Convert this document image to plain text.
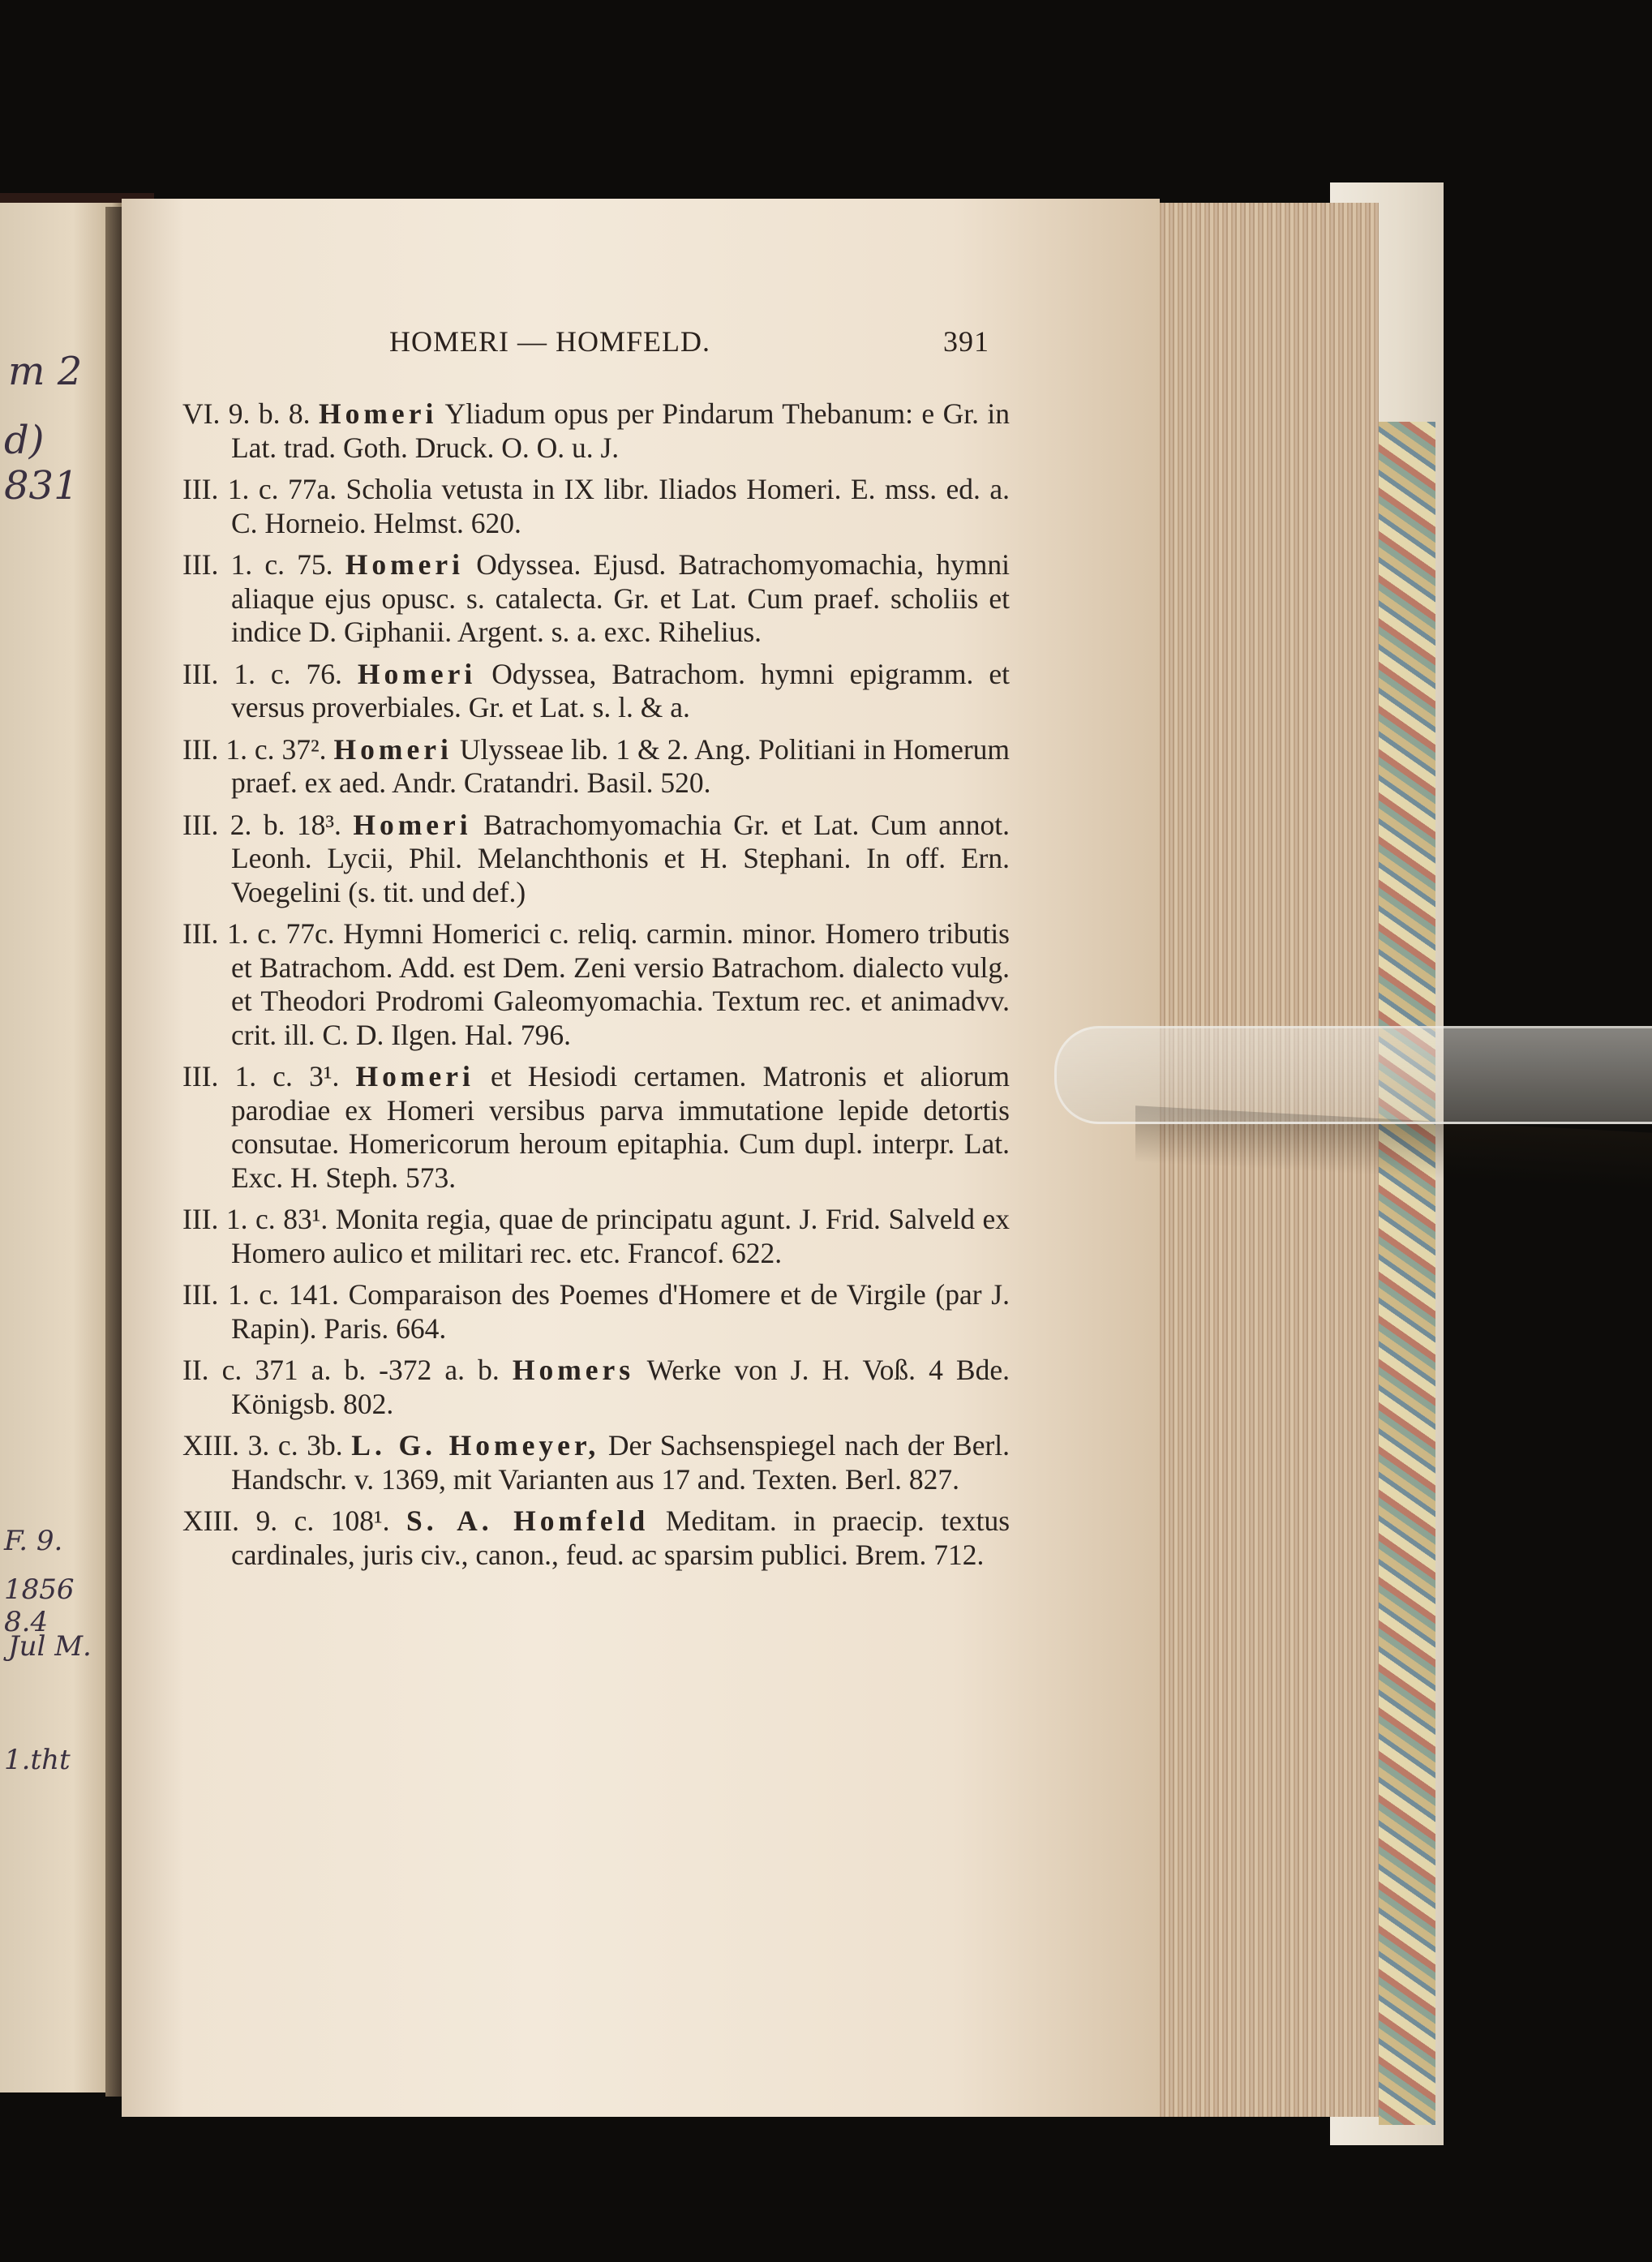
m 2
d) 831
F. 9.
1856 8.4
Jul M.
1.tht
HOMERI — HOMFELD.	391
VI. 9. b. 8. Homeri Yliadum opus per Pindarum Thebanum: e Gr. in Lat. trad. Goth. Druck. O. O. u. J.
III. 1. c. 77a. Scholia vetusta in IX libr. Iliados Homeri. E. mss. ed. a. C. Horneio. Helmst. 620.
III. 1. c. 75. Homeri Odyssea. Ejusd. Batrachomyomachia, hymni aliaque ejus opusc. s. catalecta. Gr. et Lat. Cum praef. scholiis et indice D. Giphanii. Argent. s. a. exc. Rihelius.
III. 1. c. 76. Homeri Odyssea, Batrachom. hymni epigramm. et versus proverbiales. Gr. et Lat. s. l. & a.
III. 1. c. 37². Homeri Ulysseae lib. 1 & 2. Ang. Politiani in Homerum praef. ex aed. Andr. Cratandri. Basil. 520.
III. 2. b. 18³. Homeri Batrachomyomachia Gr. et Lat. Cum annot. Leonh. Lycii, Phil. Melanchthonis et H. Stephani. In off. Ern. Voegelini (s. tit. und def.)
III. 1. c. 77c. Hymni Homerici c. reliq. carmin. minor. Homero tributis et Batrachom. Add. est Dem. Zeni versio Batrachom. dialecto vulg. et Theodori Prodromi Galeomyomachia. Textum rec. et animadvv. crit. ill. C. D. Ilgen. Hal. 796.
III. 1. c. 3¹. Homeri et Hesiodi certamen. Matronis et aliorum parodiae ex Homeri versibus parva immutatione lepide detortis consutae. Homericorum heroum epitaphia. Cum dupl. interpr. Lat. Exc. H. Steph. 573.
III. 1. c. 83¹. Monita regia, quae de principatu agunt. J. Frid. Salveld ex Homero aulico et militari rec. etc. Francof. 622.
III. 1. c. 141. Comparaison des Poemes d'Homere et de Virgile (par J. Rapin). Paris. 664.
II. c. 371 a. b. -372 a. b. Homers Werke von J. H. Voß. 4 Bde. Königsb. 802.
XIII. 3. c. 3b. L. G. Homeyer, Der Sachsenspiegel nach der Berl. Handschr. v. 1369, mit Varianten aus 17 and. Texten. Berl. 827.
XIII. 9. c. 108¹. S. A. Homfeld Meditam. in praecip. textus cardinales, juris civ., canon., feud. ac sparsim publici. Brem. 712.
